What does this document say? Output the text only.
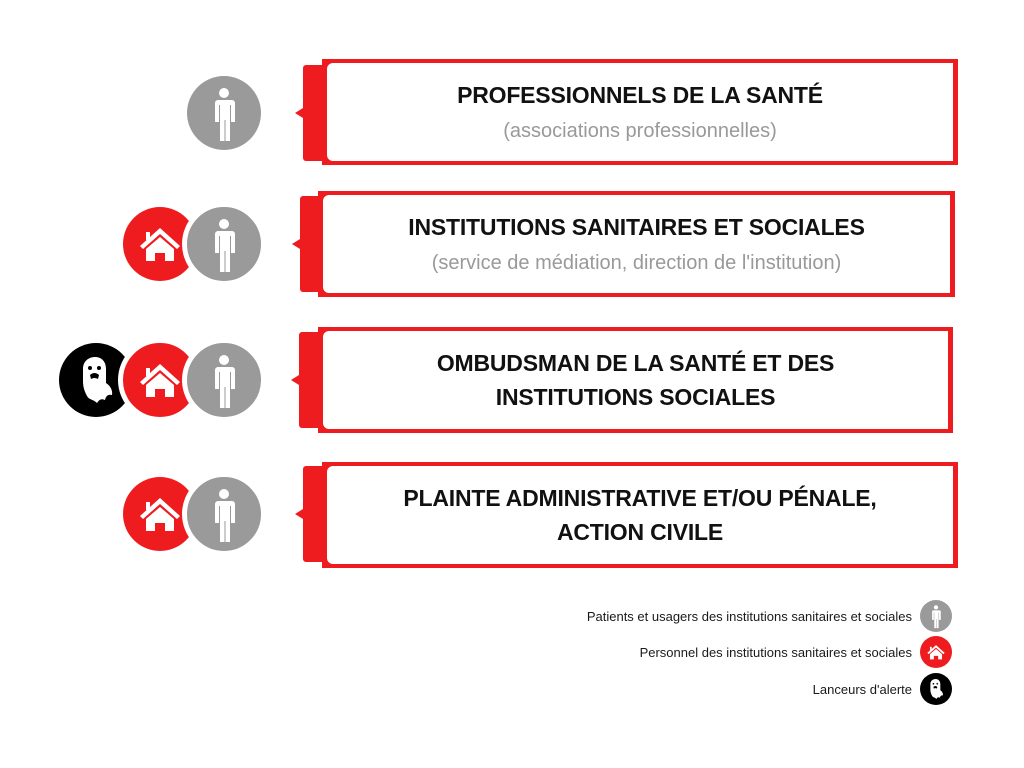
PROFESSIONNELS DE LA SANTÉ
(associations professionnelles)
INSTITUTIONS SANITAIRES ET SOCIALES
(service de médiation, direction de l'institution)
OMBUDSMAN DE LA SANTÉ ET DES INSTITUTIONS SOCIALES
PLAINTE ADMINISTRATIVE ET/OU PÉNALE, ACTION CIVILE
Patients et usagers des institutions sanitaires et sociales
Personnel des institutions sanitaires et sociales
Lanceurs d'alerte
